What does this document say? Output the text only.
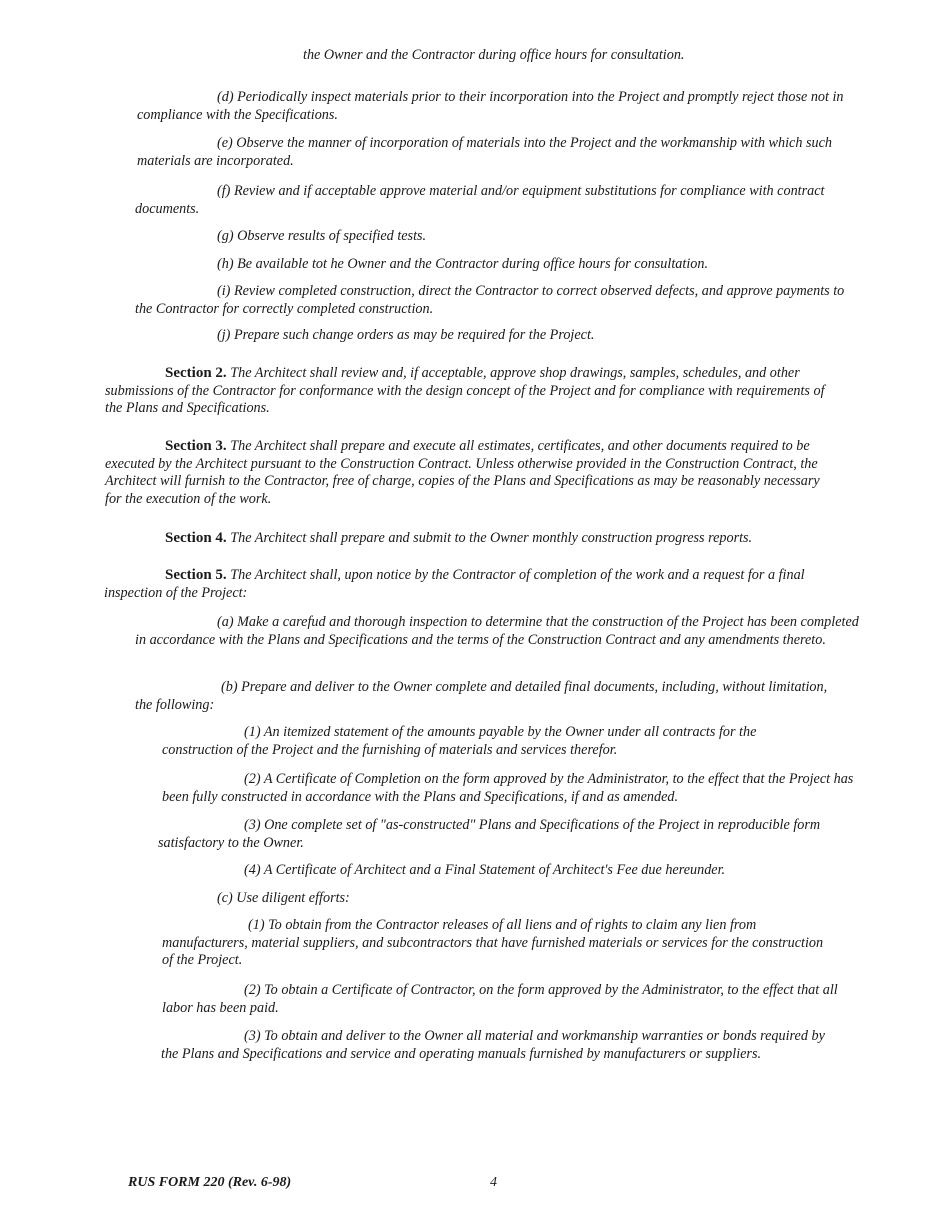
the Owner and the Contractor during office hours for consultation.

(d) Periodically inspect materials prior to their incorporation into the Project and promptly reject those not in compliance with the Specifications.

(e) Observe the manner of incorporation of materials into the Project and the workmanship with which such materials are incorporated.

(f) Review and if acceptable approve material and/or equipment substitutions for compliance with contract documents.

(g) Observe results of specified tests.

(h) Be available tot he Owner and the Contractor during office hours for consultation.

(i) Review completed construction, direct the Contractor to correct observed defects, and approve payments to the Contractor for correctly completed construction.

(j) Prepare such change orders as may be required for the Project.

Section 2. The Architect shall review and, if acceptable, approve shop drawings, samples, schedules, and other submissions of the Contractor for conformance with the design concept of the Project and for compliance with requirements of the Plans and Specifications.

Section 3. The Architect shall prepare and execute all estimates, certificates, and other documents required to be executed by the Architect pursuant to the Construction Contract. Unless otherwise provided in the Construction Contract, the Architect will furnish to the Contractor, free of charge, copies of the Plans and Specifications as may be reasonably necessary for the execution of the work.

Section 4. The Architect shall prepare and submit to the Owner monthly construction progress reports.

Section 5. The Architect shall, upon notice by the Contractor of completion of the work and a request for a final inspection of the Project:

(a) Make a carefud and thorough inspection to determine that the construction of the Project has been completed in accordance with the Plans and Specifications and the terms of the Construction Contract and any amendments thereto.

(b) Prepare and deliver to the Owner complete and detailed final documents, including, without limitation, the following:

(1) An itemized statement of the amounts payable by the Owner under all contracts for the construction of the Project and the furnishing of materials and services therefor.

(2) A Certificate of Completion on the form approved by the Administrator, to the effect that the Project has been fully constructed in accordance with the Plans and Specifications, if and as amended.

(3) One complete set of "as-constructed" Plans and Specifications of the Project in reproducible form satisfactory to the Owner.

(4) A Certificate of Architect and a Final Statement of Architect's Fee due hereunder.

(c) Use diligent efforts:

(1) To obtain from the Contractor releases of all liens and of rights to claim any lien from manufacturers, material suppliers, and subcontractors that have furnished materials or services for the construction of the Project.

(2) To obtain a Certificate of Contractor, on the form approved by the Administrator, to the effect that all labor has been paid.

(3) To obtain and deliver to the Owner all material and workmanship warranties or bonds required by the Plans and Specifications and service and operating manuals furnished by manufacturers or suppliers.

RUS FORM 220 (Rev. 6-98)	4
